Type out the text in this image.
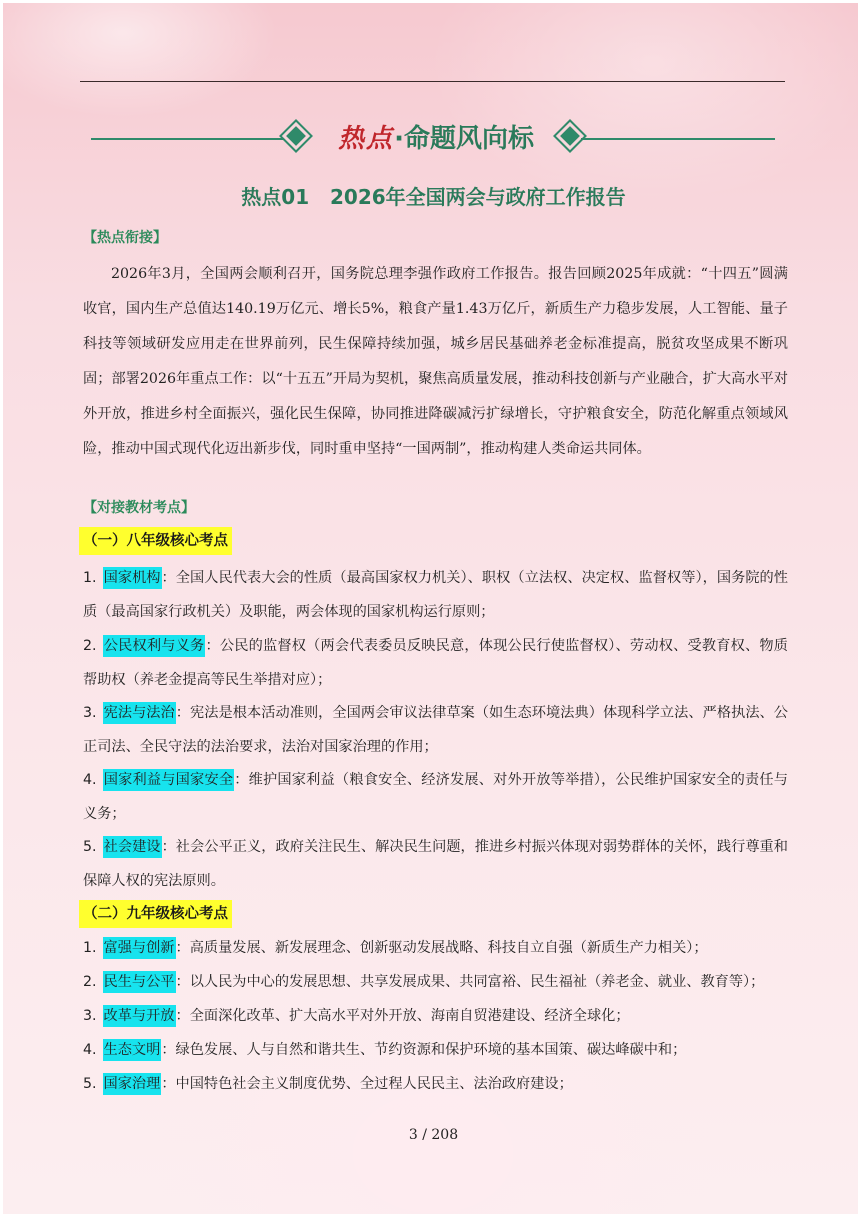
热点·命题风向标
热点01   2026年全国两会与政府工作报告
【热点衔接】
2026年3月，全国两会顺利召开，国务院总理李强作政府工作报告。报告回顾2025年成就：“十四五”圆满收官，国内生产总值达140.19万亿元、增长5%，粮食产量1.43万亿斤，新质生产力稳步发展，人工智能、量子科技等领域研发应用走在世界前列，民生保障持续加强，城乡居民基础养老金标准提高，脱贫攻坚成果不断巩固；部署2026年重点工作：以“十五五”开局为契机，聚焦高质量发展，推动科技创新与产业融合，扩大高水平对外开放，推进乡村全面振兴，强化民生保障，协同推进降碳减污扩绿增长，守护粮食安全，防范化解重点领域风险，推动中国式现代化迈出新步伐，同时重申坚持“一国两制”，推动构建人类命运共同体。
【对接教材考点】
（一）八年级核心考点
1. 国家机构：全国人民代表大会的性质（最高国家权力机关）、职权（立法权、决定权、监督权等），国务院的性质（最高国家行政机关）及职能，两会体现的国家机构运行原则；
2. 公民权利与义务：公民的监督权（两会代表委员反映民意，体现公民行使监督权）、劳动权、受教育权、物质帮助权（养老金提高等民生举措对应）；
3. 宪法与法治：宪法是根本活动准则，全国两会审议法律草案（如生态环境法典）体现科学立法、严格执法、公正司法、全民守法的法治要求，法治对国家治理的作用；
4. 国家利益与国家安全：维护国家利益（粮食安全、经济发展、对外开放等举措），公民维护国家安全的责任与义务；
5. 社会建设：社会公平正义，政府关注民生、解决民生问题，推进乡村振兴体现对弱势群体的关怀，践行尊重和保障人权的宪法原则。
（二）九年级核心考点
1. 富强与创新：高质量发展、新发展理念、创新驱动发展战略、科技自立自强（新质生产力相关）；
2. 民生与公平：以人民为中心的发展思想、共享发展成果、共同富裕、民生福祉（养老金、就业、教育等）；
3. 改革与开放：全面深化改革、扩大高水平对外开放、海南自贸港建设、经济全球化；
4. 生态文明：绿色发展、人与自然和谐共生、节约资源和保护环境的基本国策、碳达峰碳中和；
5. 国家治理：中国特色社会主义制度优势、全过程人民民主、法治政府建设；
3 / 208
